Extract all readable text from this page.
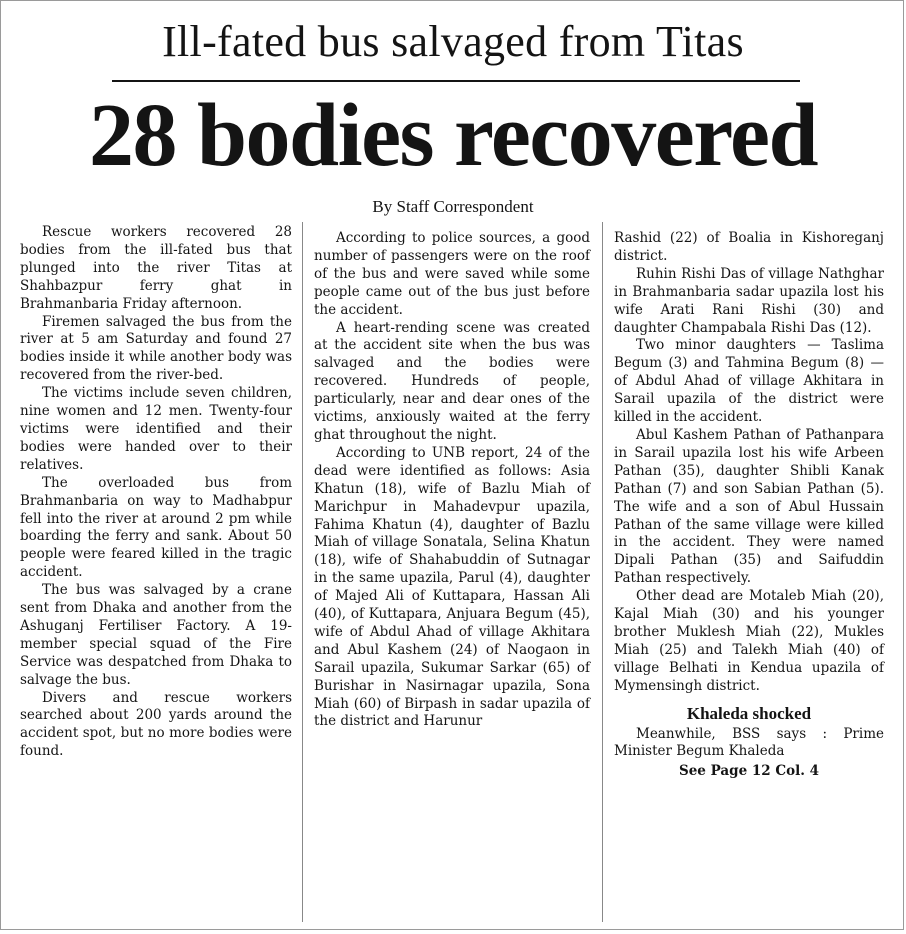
Ill-fated bus salvaged from Titas
28 bodies recovered
By Staff Correspondent

Rescue workers recovered 28 bodies from the ill-fated bus that plunged into the river Titas at Shahbazpur ferry ghat in Brahmanbaria Friday afternoon.

Firemen salvaged the bus from the river at 5 am Saturday and found 27 bodies inside it while another body was recovered from the river-bed.

The victims include seven children, nine women and 12 men. Twenty-four victims were identified and their bodies were handed over to their relatives.

The overloaded bus from Brahmanbaria on way to Madhabpur fell into the river at around 2 pm while boarding the ferry and sank. About 50 people were feared killed in the tragic accident.

The bus was salvaged by a crane sent from Dhaka and another from the Ashuganj Fertiliser Factory. A 19-member special squad of the Fire Service was despatched from Dhaka to salvage the bus.

Divers and rescue workers searched about 200 yards around the accident spot, but no more bodies were found.

According to police sources, a good number of passengers were on the roof of the bus and were saved while some people came out of the bus just before the accident.

A heart-rending scene was created at the accident site when the bus was salvaged and the bodies were recovered. Hundreds of people, particularly, near and dear ones of the victims, anxiously waited at the ferry ghat throughout the night.

According to UNB report, 24 of the dead were identified as follows: Asia Khatun (18), wife of Bazlu Miah of Marichpur in Mahadevpur upazila, Fahima Khatun (4), daughter of Bazlu Miah of village Sonatala, Selina Khatun (18), wife of Shahabuddin of Sutnagar in the same upazila, Parul (4), daughter of Majed Ali of Kuttapara, Hassan Ali (40), of Kuttapara, Anjuara Begum (45), wife of Abdul Ahad of village Akhitara and Abul Kashem (24) of Naogaon in Sarail upazila, Sukumar Sarkar (65) of Burishar in Nasirnagar upazila, Sona Miah (60) of Birpash in sadar upazila of the district and Harunur

Rashid (22) of Boalia in Kishoreganj district.

Ruhin Rishi Das of village Nathghar in Brahmanbaria sadar upazila lost his wife Arati Rani Rishi (30) and daughter Champabala Rishi Das (12).

Two minor daughters — Taslima Begum (3) and Tahmina Begum (8) — of Abdul Ahad of village Akhitara in Sarail upazila of the district were killed in the accident.

Abul Kashem Pathan of Pathanpara in Sarail upazila lost his wife Arbeen Pathan (35), daughter Shibli Kanak Pathan (7) and son Sabian Pathan (5). The wife and a son of Abul Hussain Pathan of the same village were killed in the accident. They were named Dipali Pathan (35) and Saifuddin Pathan respectively.

Other dead are Motaleb Miah (20), Kajal Miah (30) and his younger brother Muklesh Miah (22), Mukles Miah (25) and Talekh Miah (40) of village Belhati in Kendua upazila of Mymensingh district.

Khaleda shocked

Meanwhile, BSS says : Prime Minister Begum Khaleda

See Page 12 Col. 4
